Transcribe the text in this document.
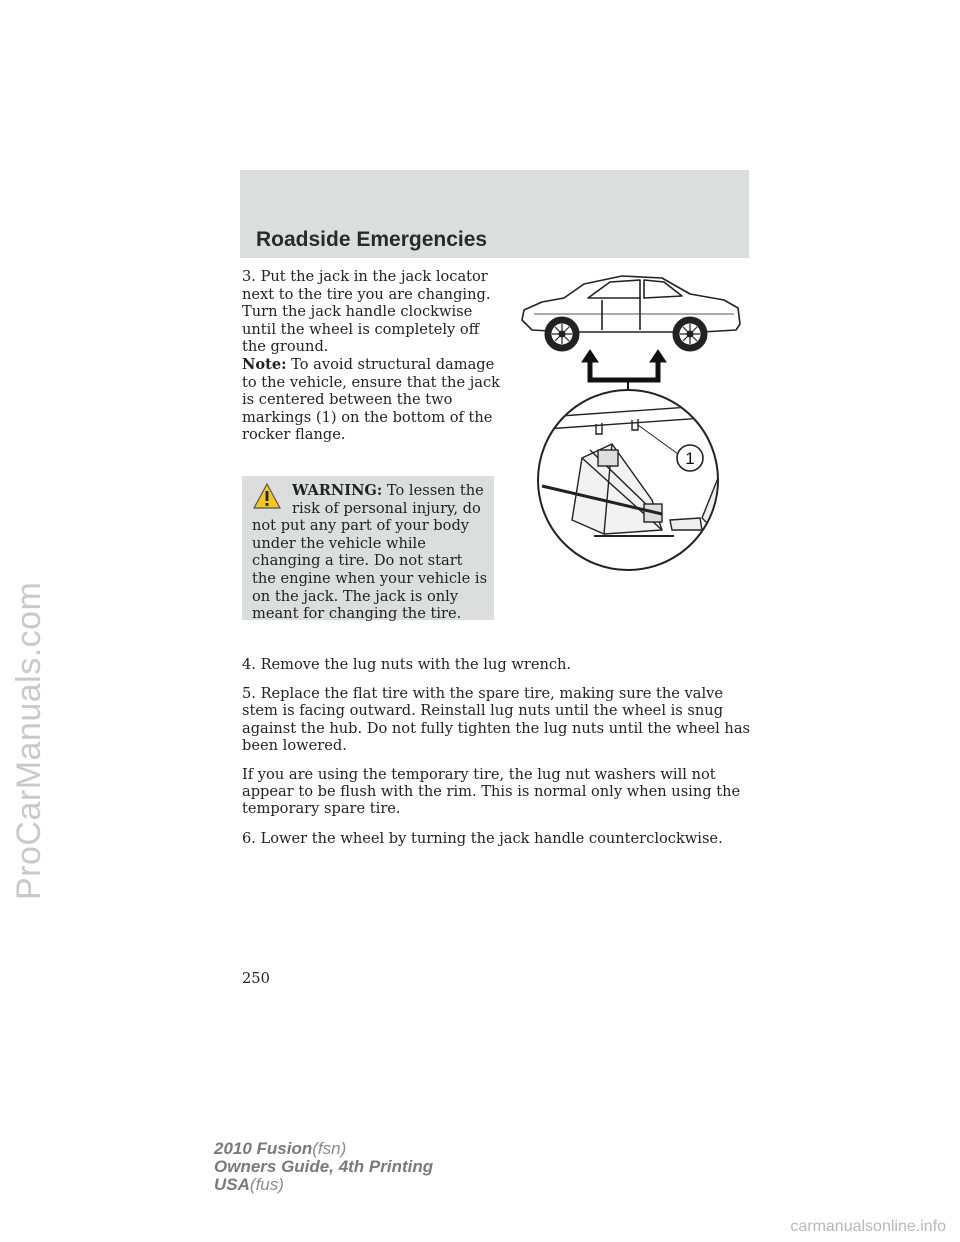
ProCarManuals.com
carmanualsonline.info
Roadside Emergencies

3. Put the jack in the jack locator next to the tire you are changing. Turn the jack handle clockwise until the wheel is completely off the ground.

Note: To avoid structural damage to the vehicle, ensure that the jack is centered between the two markings (1) on the bottom of the rocker flange.

WARNING: To lessen the risk of personal injury, do
not put any part of your body under the vehicle while changing a tire. Do not start the engine when your vehicle is on the jack. The jack is only meant for changing the tire.
1

4. Remove the lug nuts with the lug wrench.

5. Replace the flat tire with the spare tire, making sure the valve stem is facing outward. Reinstall lug nuts until the wheel is snug against the hub. Do not fully tighten the lug nuts until the wheel has been lowered.

If you are using the temporary tire, the lug nut washers will not appear to be flush with the rim. This is normal only when using the temporary spare tire.

6. Lower the wheel by turning the jack handle counterclockwise.

250
2010 Fusion(fsn)
Owners Guide, 4th Printing
USA(fus)
